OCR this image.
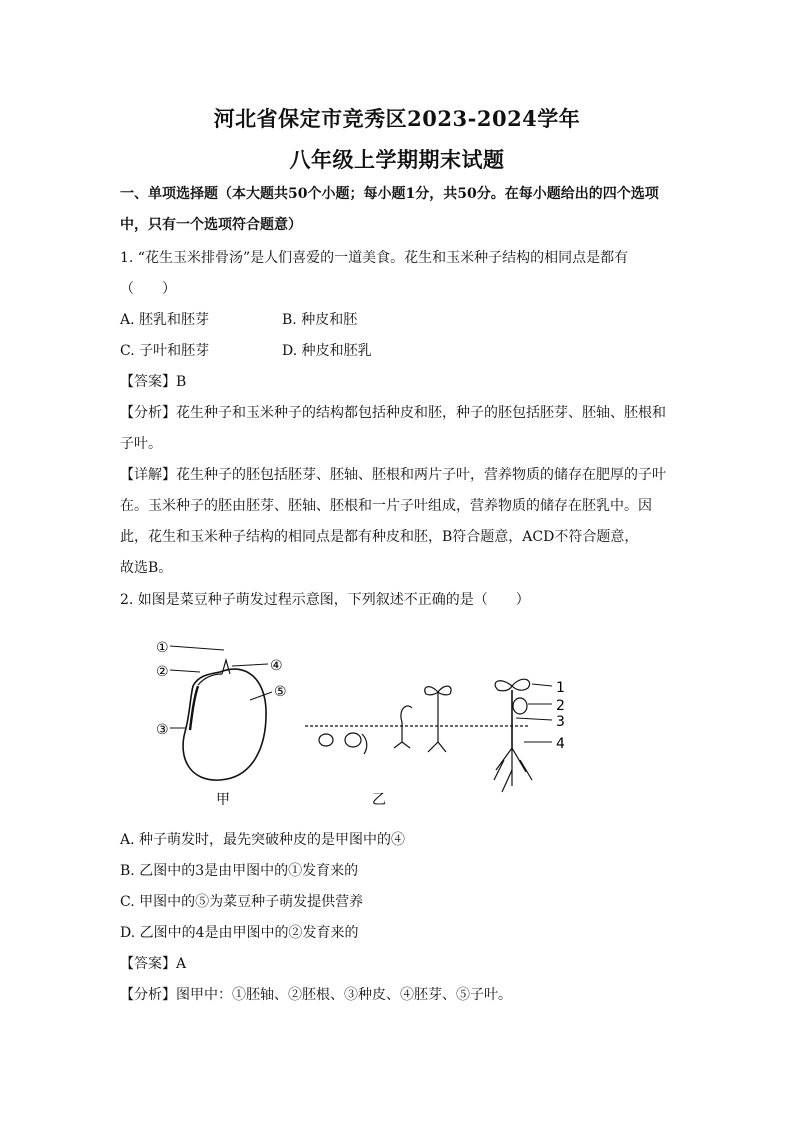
河北省保定市竞秀区2023-2024学年
八年级上学期期末试题
一、单项选择题（本大题共50个小题；每小题1分，共50分。在每小题给出的四个选项
中，只有一个选项符合题意）
1. “花生玉米排骨汤”是人们喜爱的一道美食。花生和玉米种子结构的相同点是都有
（　　）
A. 胚乳和胚芽	B. 种皮和胚
C. 子叶和胚芽	D. 种皮和胚乳
【答案】B
【分析】花生种子和玉米种子的结构都包括种皮和胚，种子的胚包括胚芽、胚轴、胚根和
子叶。
【详解】花生种子的胚包括胚芽、胚轴、胚根和两片子叶，营养物质的储存在肥厚的子叶
在。玉米种子的胚由胚芽、胚轴、胚根和一片子叶组成，营养物质的储存在胚乳中。因
此，花生和玉米种子结构的相同点是都有种皮和胚，B符合题意，ACD不符合题意，
故选B。
2. 如图是菜豆种子萌发过程示意图，下列叙述不正确的是（　　）
①
②	④
⑤
③
甲
1
2
3
4
乙
A. 种子萌发时，最先突破种皮的是甲图中的④
B. 乙图中的3是由甲图中的①发育来的
C. 甲图中的⑤为菜豆种子萌发提供营养
D. 乙图中的4是由甲图中的②发育来的
【答案】A
【分析】图甲中：①胚轴、②胚根、③种皮、④胚芽、⑤子叶。
